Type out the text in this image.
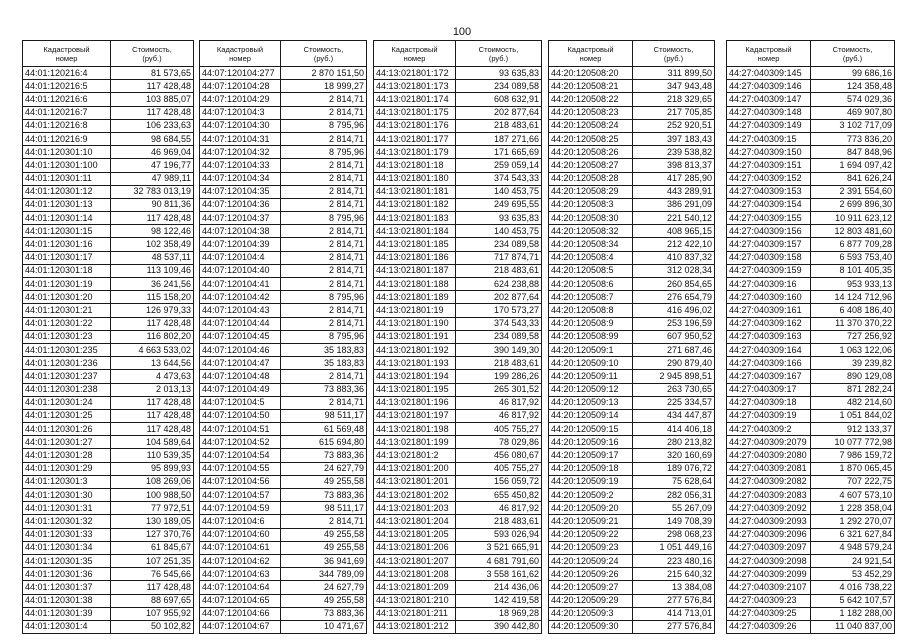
100
Кадастровый
номер	Стоимость,
(руб.)

44:01:120216:4	81 573,65
44:01:120216:5	117 428,48
44:01:120216:6	103 885,07
44:01:120216:7	117 428,48
44:01:120216:8	106 233,63
44:01:120216:9	98 684,55
44:01:120301:10	46 969,04
44:01:120301:100	47 196,77
44:01:120301:11	47 989,11
44:01:120301:12	32 783 013,19
44:01:120301:13	90 811,36
44:01:120301:14	117 428,48
44:01:120301:15	98 122,46
44:01:120301:16	102 358,49
44:01:120301:17	48 537,11
44:01:120301:18	113 109,46
44:01:120301:19	36 241,56
44:01:120301:20	115 158,20
44:01:120301:21	126 979,33
44:01:120301:22	117 428,48
44:01:120301:23	116 802,20
44:01:120301:235	4 663 533,02
44:01:120301:236	13 644,56
44:01:120301:237	4 473,63
44:01:120301:238	2 013,13
44:01:120301:24	117 428,48
44:01:120301:25	117 428,48
44:01:120301:26	117 428,48
44:01:120301:27	104 589,64
44:01:120301:28	110 539,35
44:01:120301:29	95 899,93
44:01:120301:3	108 269,06
44:01:120301:30	100 988,50
44:01:120301:31	77 972,51
44:01:120301:32	130 189,05
44:01:120301:33	127 370,76
44:01:120301:34	61 845,67
44:01:120301:35	107 251,35
44:01:120301:36	76 545,66
44:01:120301:37	117 428,48
44:01:120301:38	88 697,65
44:01:120301:39	107 955,92
44:01:120301:4	50 102,82
Кадастровый
номер	Стоимость,
(руб.)

44:07:120104:277	2 870 151,50
44:07:120104:28	18 999,27
44:07:120104:29	2 814,71
44:07:120104:3	2 814,71
44:07:120104:30	8 795,96
44:07:120104:31	2 814,71
44:07:120104:32	8 795,96
44:07:120104:33	2 814,71
44:07:120104:34	2 814,71
44:07:120104:35	2 814,71
44:07:120104:36	2 814,71
44:07:120104:37	8 795,96
44:07:120104:38	2 814,71
44:07:120104:39	2 814,71
44:07:120104:4	2 814,71
44:07:120104:40	2 814,71
44:07:120104:41	2 814,71
44:07:120104:42	8 795,96
44:07:120104:43	2 814,71
44:07:120104:44	2 814,71
44:07:120104:45	8 795,96
44:07:120104:46	35 183,83
44:07:120104:47	35 183,83
44:07:120104:48	2 814,71
44:07:120104:49	73 883,36
44:07:120104:5	2 814,71
44:07:120104:50	98 511,17
44:07:120104:51	61 569,48
44:07:120104:52	615 694,80
44:07:120104:54	73 883,36
44:07:120104:55	24 627,79
44:07:120104:56	49 255,58
44:07:120104:57	73 883,36
44:07:120104:59	98 511,17
44:07:120104:6	2 814,71
44:07:120104:60	49 255,58
44:07:120104:61	49 255,58
44:07:120104:62	36 941,69
44:07:120104:63	344 789,09
44:07:120104:64	24 627,79
44:07:120104:65	49 255,58
44:07:120104:66	73 883,36
44:07:120104:67	10 471,67
Кадастровый
номер	Стоимость,
(руб.)

44:13:021801:172	93 635,83
44:13:021801:173	234 089,58
44:13:021801:174	608 632,91
44:13:021801:175	202 877,64
44:13:021801:176	218 483,61
44:13:021801:177	187 271,66
44:13:021801:179	171 665,69
44:13:021801:18	259 059,14
44:13:021801:180	374 543,33
44:13:021801:181	140 453,75
44:13:021801:182	249 695,55
44:13:021801:183	93 635,83
44:13:021801:184	140 453,75
44:13:021801:185	234 089,58
44:13:021801:186	717 874,71
44:13:021801:187	218 483,61
44:13:021801:188	624 238,88
44:13:021801:189	202 877,64
44:13:021801:19	170 573,27
44:13:021801:190	374 543,33
44:13:021801:191	234 089,58
44:13:021801:192	390 149,30
44:13:021801:193	218 483,61
44:13:021801:194	199 286,26
44:13:021801:195	265 301,52
44:13:021801:196	46 817,92
44:13:021801:197	46 817,92
44:13:021801:198	405 755,27
44:13:021801:199	78 029,86
44:13:021801:2	456 080,67
44:13:021801:200	405 755,27
44:13:021801:201	156 059,72
44:13:021801:202	655 450,82
44:13:021801:203	46 817,92
44:13:021801:204	218 483,61
44:13:021801:205	593 026,94
44:13:021801:206	3 521 665,91
44:13:021801:207	4 681 791,60
44:13:021801:208	3 558 161,62
44:13:021801:209	214 436,06
44:13:021801:210	142 419,58
44:13:021801:211	18 969,28
44:13:021801:212	390 442,80
Кадастровый
номер	Стоимость,
(руб.)

44:20:120508:20	311 899,50
44:20:120508:21	347 943,48
44:20:120508:22	218 329,65
44:20:120508:23	217 705,85
44:20:120508:24	252 920,51
44:20:120508:25	397 183,43
44:20:120508:26	239 538,82
44:20:120508:27	398 813,37
44:20:120508:28	417 285,90
44:20:120508:29	443 289,91
44:20:120508:3	386 291,09
44:20:120508:30	221 540,12
44:20:120508:32	408 965,15
44:20:120508:34	212 422,10
44:20:120508:4	410 837,32
44:20:120508:5	312 028,34
44:20:120508:6	260 854,65
44:20:120508:7	276 654,79
44:20:120508:8	416 496,02
44:20:120508:9	253 196,59
44:20:120508:99	607 950,52
44:20:120509:1	271 687,46
44:20:120509:10	290 879,40
44:20:120509:11	2 945 898,51
44:20:120509:12	263 730,65
44:20:120509:13	225 334,57
44:20:120509:14	434 447,87
44:20:120509:15	414 406,18
44:20:120509:16	280 213,82
44:20:120509:17	320 160,69
44:20:120509:18	189 076,72
44:20:120509:19	75 628,64
44:20:120509:2	282 056,31
44:20:120509:20	55 267,09
44:20:120509:21	149 708,39
44:20:120509:22	298 068,23
44:20:120509:23	1 051 449,16
44:20:120509:24	223 480,16
44:20:120509:26	215 640,32
44:20:120509:27	13 384,08
44:20:120509:29	277 576,84
44:20:120509:3	414 713,01
44:20:120509:30	277 576,84
Кадастровый
номер	Стоимость,
(руб.)

44:27:040309:145	99 686,16
44:27:040309:146	124 358,48
44:27:040309:147	574 029,36
44:27:040309:148	469 907,80
44:27:040309:149	3 102 717,09
44:27:040309:15	773 836,20
44:27:040309:150	847 848,96
44:27:040309:151	1 694 097,42
44:27:040309:152	841 626,24
44:27:040309:153	2 391 554,60
44:27:040309:154	2 699 896,30
44:27:040309:155	10 911 623,12
44:27:040309:156	12 803 481,60
44:27:040309:157	6 877 709,28
44:27:040309:158	6 593 753,40
44:27:040309:159	8 101 405,35
44:27:040309:16	953 933,13
44:27:040309:160	14 124 712,96
44:27:040309:161	6 408 186,40
44:27:040309:162	11 370 370,22
44:27:040309:163	727 256,92
44:27:040309:164	1 063 122,06
44:27:040309:166	39 239,82
44:27:040309:167	890 129,08
44:27:040309:17	871 282,24
44:27:040309:18	482 214,60
44:27:040309:19	1 051 844,02
44:27:040309:2	912 133,37
44:27:040309:2079	10 077 772,98
44:27:040309:2080	7 986 159,72
44:27:040309:2081	1 870 065,45
44:27:040309:2082	707 222,75
44:27:040309:2083	4 607 573,10
44:27:040309:2092	1 228 358,04
44:27:040309:2093	1 292 270,07
44:27:040309:2096	6 321 627,84
44:27:040309:2097	4 948 579,24
44:27:040309:2098	24 921,54
44:27:040309:2099	53 452,29
44:27:040309:2107	4 016 738,22
44:27:040309:23	5 642 107,57
44:27:040309:25	1 182 288,00
44:27:040309:26	11 040 837,00
